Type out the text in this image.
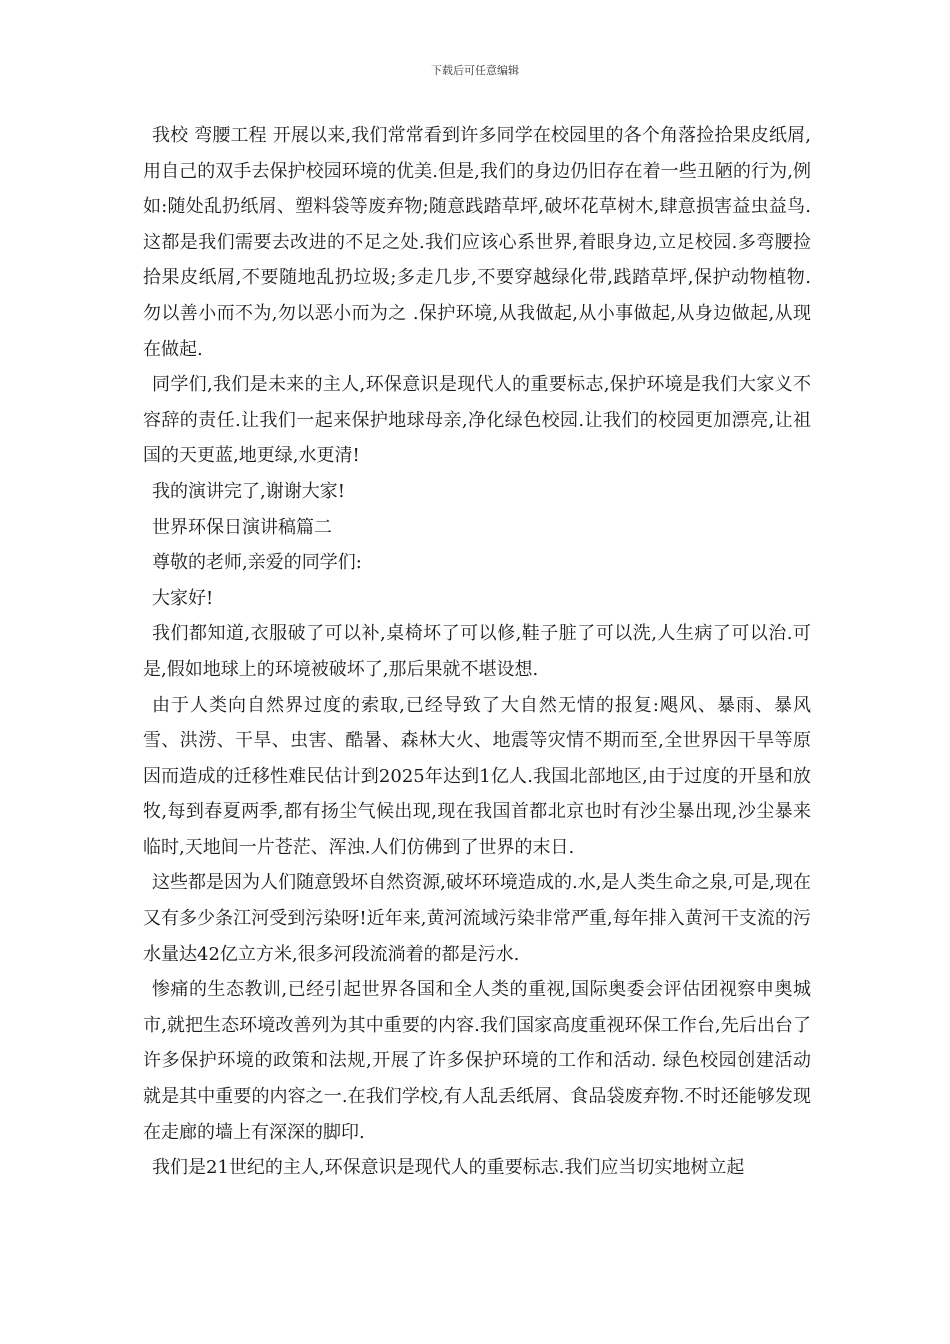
下载后可任意编辑

我校 弯腰工程 开展以来,我们常常看到许多同学在校园里的各个角落捡拾果皮纸屑,用自己的双手去保护校园环境的优美.但是,我们的身边仍旧存在着一些丑陋的行为,例如:随处乱扔纸屑、塑料袋等废弃物;随意践踏草坪,破坏花草树木,肆意损害益虫益鸟.这都是我们需要去改进的不足之处.我们应该心系世界,着眼身边,立足校园.多弯腰捡拾果皮纸屑,不要随地乱扔垃圾;多走几步,不要穿越绿化带,践踏草坪,保护动物植物. 勿以善小而不为,勿以恶小而为之 .保护环境,从我做起,从小事做起,从身边做起,从现在做起.

同学们,我们是未来的主人,环保意识是现代人的重要标志,保护环境是我们大家义不容辞的责任.让我们一起来保护地球母亲,净化绿色校园.让我们的校园更加漂亮,让祖国的天更蓝,地更绿,水更清!

我的演讲完了,谢谢大家!

世界环保日演讲稿篇二

尊敬的老师,亲爱的同学们:

大家好!

我们都知道,衣服破了可以补,桌椅坏了可以修,鞋子脏了可以洗,人生病了可以治.可是,假如地球上的环境被破坏了,那后果就不堪设想.

由于人类向自然界过度的索取,已经导致了大自然无情的报复:飓风、暴雨、暴风雪、洪涝、干旱、虫害、酷暑、森林大火、地震等灾情不期而至,全世界因干旱等原因而造成的迁移性难民估计到2025年达到1亿人.我国北部地区,由于过度的开垦和放牧,每到春夏两季,都有扬尘气候出现,现在我国首都北京也时有沙尘暴出现,沙尘暴来临时,天地间一片苍茫、浑浊.人们仿佛到了世界的末日.

这些都是因为人们随意毁坏自然资源,破坏环境造成的.水,是人类生命之泉,可是,现在又有多少条江河受到污染呀!近年来,黄河流域污染非常严重,每年排入黄河干支流的污水量达42亿立方米,很多河段流淌着的都是污水.

惨痛的生态教训,已经引起世界各国和全人类的重视,国际奥委会评估团视察申奥城市,就把生态环境改善列为其中重要的内容.我们国家高度重视环保工作台,先后出台了许多保护环境的政策和法规,开展了许多保护环境的工作和活动. 绿色校园创建活动 就是其中重要的内容之一.在我们学校,有人乱丢纸屑、食品袋废弃物.不时还能够发现在走廊的墙上有深深的脚印.

我们是21世纪的主人,环保意识是现代人的重要标志.我们应当切实地树立起
